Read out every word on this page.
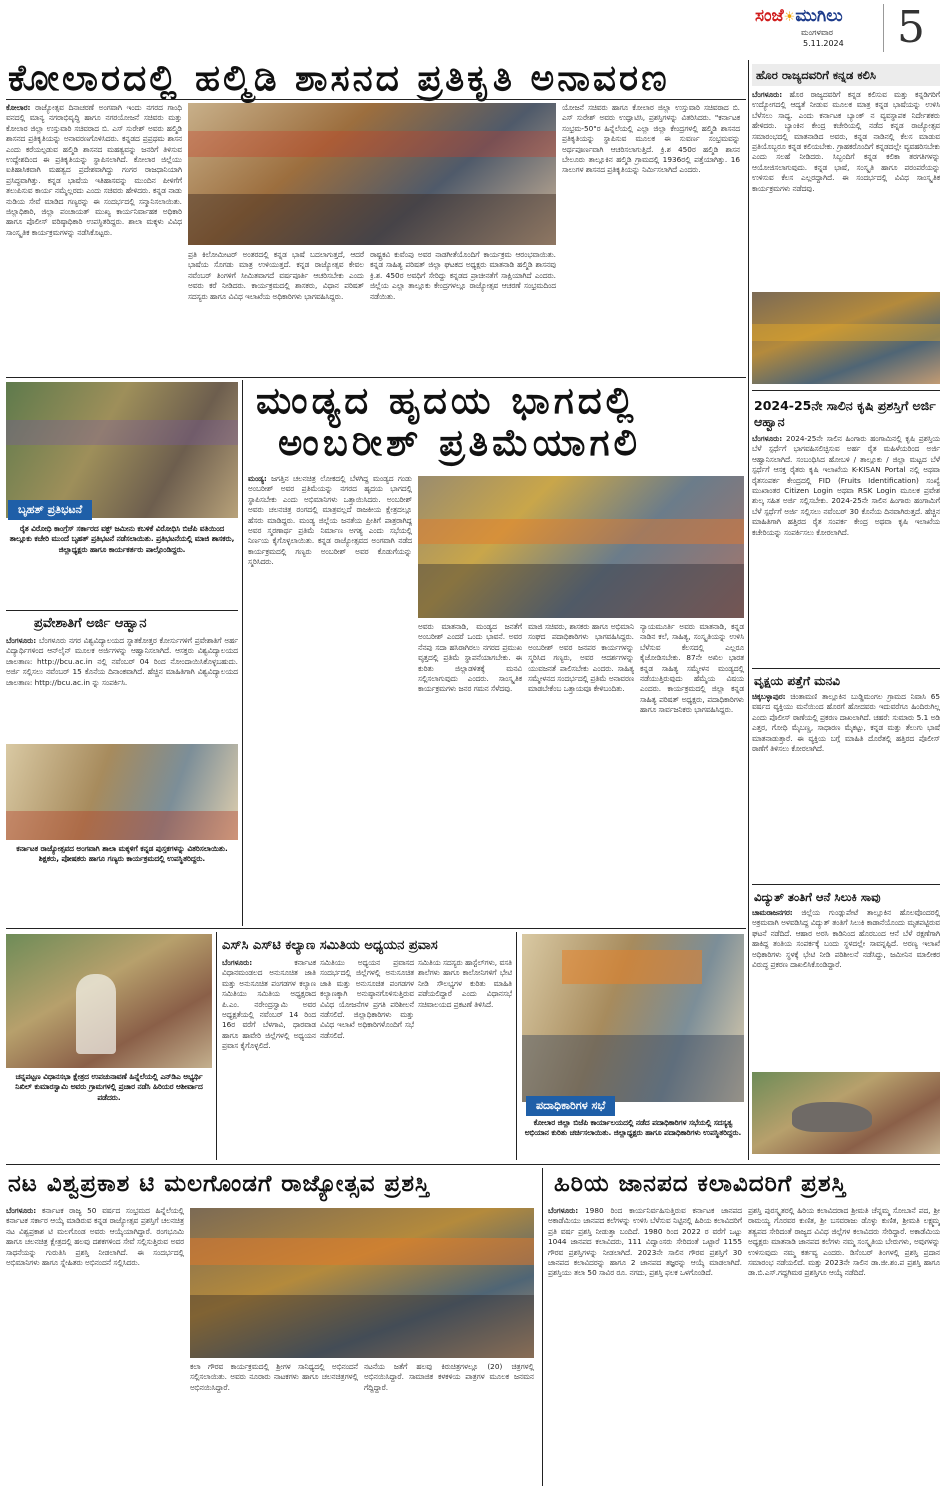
ಸಂಜೆ☀ಮುಗಿಲು
ಮಂಗಳವಾರ
5.11.2024 5
ಕೋಲಾರದಲ್ಲಿ ಹಲ್ಮಿಡಿ ಶಾಸನದ ಪ್ರತಿಕೃತಿ ಅನಾವರಣ
ಕೋಲಾರ: ರಾಜ್ಯೋತ್ಸವ ದಿನಾಚರಣೆ ಅಂಗವಾಗಿ ಇಂದು ನಗರದ ಗಾಂಧಿ ವನದಲ್ಲಿ ಮಾನ್ಯ ನಗರಾಭಿವೃದ್ಧಿ ಹಾಗೂ ನಗರಯೋಜನೆ ಸಚಿವರು ಮತ್ತು ಕೋಲಾರ ಜಿಲ್ಲಾ ಉಸ್ತುವಾರಿ ಸಚಿವರಾದ ಬಿ. ಎಸ್ ಸುರೇಶ್ ಅವರು ಹಲ್ಮಿಡಿ ಶಾಸನದ ಪ್ರತಿಕೃತಿಯನ್ನು ಅನಾವರಣಗೊಳಿಸಿದರು. ಕನ್ನಡದ ಪ್ರಪ್ರಥಮ ಶಾಸನ ಎಂದು ಕರೆಯಲ್ಪಡುವ ಹಲ್ಮಿಡಿ ಶಾಸನದ ಮಹತ್ವವನ್ನು ಜನರಿಗೆ ತಿಳಿಸುವ ಉದ್ದೇಶದಿಂದ ಈ ಪ್ರತಿಕೃತಿಯನ್ನು ಸ್ಥಾಪಿಸಲಾಗಿದೆ. ಕೋಲಾರ ಜಿಲ್ಲೆಯು ಐತಿಹಾಸಿಕವಾಗಿ ಮಹತ್ವದ ಪ್ರದೇಶವಾಗಿದ್ದು ಗಂಗರ ರಾಜಧಾನಿಯಾಗಿ ಪ್ರಸಿದ್ಧವಾಗಿತ್ತು. ಕನ್ನಡ ಭಾಷೆಯ ಇತಿಹಾಸವನ್ನು ಮುಂದಿನ ಪೀಳಿಗೆಗೆ ತಲುಪಿಸುವ ಕಾರ್ಯ ನಮ್ಮೆಲ್ಲರದು ಎಂದು ಸಚಿವರು ಹೇಳಿದರು. ಕನ್ನಡ ನಾಡು ನುಡಿಯ ಸೇವೆ ಮಾಡಿದ ಗಣ್ಯರನ್ನು ಈ ಸಂದರ್ಭದಲ್ಲಿ ಸನ್ಮಾನಿಸಲಾಯಿತು. ಜಿಲ್ಲಾಧಿಕಾರಿ, ಜಿಲ್ಲಾ ಪಂಚಾಯತ್ ಮುಖ್ಯ ಕಾರ್ಯನಿರ್ವಾಹಕ ಅಧಿಕಾರಿ ಹಾಗೂ ಪೊಲೀಸ್ ವರಿಷ್ಠಾಧಿಕಾರಿ ಉಪಸ್ಥಿತರಿದ್ದರು. ಶಾಲಾ ಮಕ್ಕಳು ವಿವಿಧ ಸಾಂಸ್ಕೃತಿಕ ಕಾರ್ಯಕ್ರಮಗಳನ್ನು ನಡೆಸಿಕೊಟ್ಟರು.
ಪ್ರತಿ ಕಿಲೋಮೀಟರ್ ಅಂತರದಲ್ಲಿ ಕನ್ನಡ ಭಾಷೆ ಬದಲಾಗುತ್ತದೆ, ಆದರೆ ಭಾಷೆಯ ಸೊಗಡು ಮಾತ್ರ ಉಳಿಯುತ್ತದೆ. ಕನ್ನಡ ರಾಜ್ಯೋತ್ಸವ ಕೇವಲ ನವೆಂಬರ್ ತಿಂಗಳಿಗೆ ಸೀಮಿತವಾಗದೆ ವರ್ಷಪೂರ್ತಿ ಆಚರಿಸಬೇಕು ಎಂದು ಅವರು ಕರೆ ನೀಡಿದರು. ಕಾರ್ಯಕ್ರಮದಲ್ಲಿ ಶಾಸಕರು, ವಿಧಾನ ಪರಿಷತ್ ಸದಸ್ಯರು ಹಾಗೂ ವಿವಿಧ ಇಲಾಖೆಯ ಅಧಿಕಾರಿಗಳು ಭಾಗವಹಿಸಿದ್ದರು.
ರಾಷ್ಟ್ರಕವಿ ಕುವೆಂಪು ಅವರ ನಾಡಗೀತೆಯೊಂದಿಗೆ ಕಾರ್ಯಕ್ರಮ ಆರಂಭವಾಯಿತು. ಕನ್ನಡ ಸಾಹಿತ್ಯ ಪರಿಷತ್ ಜಿಲ್ಲಾ ಘಟಕದ ಅಧ್ಯಕ್ಷರು ಮಾತನಾಡಿ ಹಲ್ಮಿಡಿ ಶಾಸನವು ಕ್ರಿ.ಶ. 450ರ ಅವಧಿಗೆ ಸೇರಿದ್ದು ಕನ್ನಡದ ಪ್ರಾಚೀನತೆಗೆ ಸಾಕ್ಷಿಯಾಗಿದೆ ಎಂದರು. ಜಿಲ್ಲೆಯ ಎಲ್ಲಾ ತಾಲ್ಲೂಕು ಕೇಂದ್ರಗಳಲ್ಲೂ ರಾಜ್ಯೋತ್ಸವ ಆಚರಣೆ ಸಂಭ್ರಮದಿಂದ ನಡೆಯಿತು.
ಯೋಜನೆ ಸಚಿವರು ಹಾಗೂ ಕೋಲಾರ ಜಿಲ್ಲಾ ಉಸ್ತುವಾರಿ ಸಚಿವರಾದ ಬಿ. ಎಸ್ ಸುರೇಶ್ ಅವರು ಉದ್ಘಾಟಿಸಿ, ಪ್ರಶಸ್ತಿಗಳನ್ನು ವಿತರಿಸಿದರು. "ಕರ್ನಾಟಕ ಸಂಭ್ರಮ-50"ರ ಹಿನ್ನೆಲೆಯಲ್ಲಿ ಎಲ್ಲಾ ಜಿಲ್ಲಾ ಕೇಂದ್ರಗಳಲ್ಲಿ ಹಲ್ಮಿಡಿ ಶಾಸನದ ಪ್ರತಿಕೃತಿಯನ್ನು ಸ್ಥಾಪಿಸುವ ಮೂಲಕ ಈ ಸುವರ್ಣ ಸಂಭ್ರಮವನ್ನು ಅರ್ಥಪೂರ್ಣವಾಗಿ ಆಚರಿಸಲಾಗುತ್ತಿದೆ. ಕ್ರಿ.ಶ 450ರ ಹಲ್ಮಿಡಿ ಶಾಸನ ಬೇಲೂರು ತಾಲ್ಲೂಕಿನ ಹಲ್ಮಿಡಿ ಗ್ರಾಮದಲ್ಲಿ 1936ರಲ್ಲಿ ಪತ್ತೆಯಾಗಿತ್ತು. 16 ಸಾಲುಗಳ ಶಾಸನದ ಪ್ರತಿಕೃತಿಯನ್ನು ನಿರ್ಮಿಸಲಾಗಿದೆ ಎಂದರು.
ಹೊರ ರಾಜ್ಯದವರಿಗೆ ಕನ್ನಡ ಕಲಿಸಿ
ಬೆಂಗಳೂರು: ಹೊರ ರಾಜ್ಯದವರಿಗೆ ಕನ್ನಡ ಕಲಿಸುವ ಮತ್ತು ಕನ್ನಡಿಗರಿಗೆ ಉದ್ಯೋಗದಲ್ಲಿ ಆದ್ಯತೆ ನೀಡುವ ಮೂಲಕ ಮಾತ್ರ ಕನ್ನಡ ಭಾಷೆಯನ್ನು ಉಳಿಸಿ ಬೆಳೆಸಲು ಸಾಧ್ಯ. ಎಂದು ಕರ್ನಾಟಕ ಬ್ಯಾಂಕ್ ನ ವ್ಯವಸ್ಥಾಪಕ ನಿರ್ದೇಶಕರು ಹೇಳಿದರು. ಬ್ಯಾಂಕಿನ ಕೇಂದ್ರ ಕಚೇರಿಯಲ್ಲಿ ನಡೆದ ಕನ್ನಡ ರಾಜ್ಯೋತ್ಸವ ಸಮಾರಂಭದಲ್ಲಿ ಮಾತನಾಡಿದ ಅವರು, ಕನ್ನಡ ನಾಡಿನಲ್ಲಿ ಕೆಲಸ ಮಾಡುವ ಪ್ರತಿಯೊಬ್ಬರೂ ಕನ್ನಡ ಕಲಿಯಬೇಕು. ಗ್ರಾಹಕರೊಂದಿಗೆ ಕನ್ನಡದಲ್ಲೇ ವ್ಯವಹರಿಸಬೇಕು ಎಂದು ಸಲಹೆ ನೀಡಿದರು. ಸಿಬ್ಬಂದಿಗೆ ಕನ್ನಡ ಕಲಿಕಾ ತರಗತಿಗಳನ್ನು ಆಯೋಜಿಸಲಾಗುವುದು. ಕನ್ನಡ ಭಾಷೆ, ಸಂಸ್ಕೃತಿ ಹಾಗೂ ಪರಂಪರೆಯನ್ನು ಉಳಿಸುವ ಕೆಲಸ ಎಲ್ಲರದ್ದಾಗಿದೆ. ಈ ಸಂದರ್ಭದಲ್ಲಿ ವಿವಿಧ ಸಾಂಸ್ಕೃತಿಕ ಕಾರ್ಯಕ್ರಮಗಳು ನಡೆದವು.
2024-25ನೇ ಸಾಲಿನ ಕೃಷಿ ಪ್ರಶಸ್ತಿಗೆ ಅರ್ಜಿ ಆಹ್ವಾನ
ಬೆಂಗಳೂರು: 2024-25ನೇ ಸಾಲಿನ ಹಿಂಗಾರು ಹಂಗಾಮಿನಲ್ಲಿ ಕೃಷಿ ಪ್ರಶಸ್ತಿಯ ಬೆಳೆ ಸ್ಪರ್ಧೆಗೆ ಭಾಗವಹಿಸಲಿಚ್ಛಿಸುವ ಅರ್ಹ ರೈತ ಮಹಿಳೆಯರಿಂದ ಅರ್ಜಿ ಆಹ್ವಾನಿಸಲಾಗಿದೆ. ಸಂಬಂಧಿಸಿದ ಹೋಬಳಿ / ತಾಲ್ಲೂಕು / ಜಿಲ್ಲಾ ಮಟ್ಟದ ಬೆಳೆ ಸ್ಪರ್ಧೆಗೆ ಆಸಕ್ತ ರೈತರು ಕೃಷಿ ಇಲಾಖೆಯ K-KISAN Portal ನಲ್ಲಿ ಅಥವಾ ರೈತಸಂಪರ್ಕ ಕೇಂದ್ರದಲ್ಲಿ FID (Fruits Identification) ಸಂಖ್ಯೆ ಮುಖಾಂತರ Citizen Login ಅಥವಾ RSK Login ಮೂಲಕ ಪ್ರವೇಶ ಶುಲ್ಕ ಸಹಿತ ಅರ್ಜಿ ಸಲ್ಲಿಸಬೇಕು. 2024-25ನೇ ಸಾಲಿನ ಹಿಂಗಾರು ಹಂಗಾಮಿಗೆ ಬೆಳೆ ಸ್ಪರ್ಧೆಗೆ ಅರ್ಜಿ ಸಲ್ಲಿಸಲು ನವೆಂಬರ್ 30 ಕೊನೆಯ ದಿನವಾಗಿರುತ್ತದೆ. ಹೆಚ್ಚಿನ ಮಾಹಿತಿಗಾಗಿ ಹತ್ತಿರದ ರೈತ ಸಂಪರ್ಕ ಕೇಂದ್ರ ಅಥವಾ ಕೃಷಿ ಇಲಾಖೆಯ ಕಚೇರಿಯನ್ನು ಸಂಪರ್ಕಿಸಲು ಕೋರಲಾಗಿದೆ.
ವೃಕ್ಷಯ ಪತ್ತೆಗೆ ಮನವಿ
ಚಿಕ್ಕಬಳ್ಳಾಪುರ: ಚಿಂತಾಮಣಿ ತಾಲ್ಲೂಕಿನ ಬುಡ್ಡಿಮಂಗಲ ಗ್ರಾಮದ ನಿವಾಸಿ 65 ವರ್ಷದ ವ್ಯಕ್ತಿಯು ಮನೆಯಿಂದ ಹೊರಗೆ ಹೋದವರು ಇದುವರೆಗೂ ಹಿಂದಿರುಗಿಲ್ಲ ಎಂದು ಪೊಲೀಸ್ ಠಾಣೆಯಲ್ಲಿ ಪ್ರಕರಣ ದಾಖಲಾಗಿದೆ. ಚಹರೆ: ಸುಮಾರು 5.1 ಅಡಿ ಎತ್ತರ, ಗೋಧಿ ಮೈಬಣ್ಣ, ಸಾಧಾರಣ ಮೈಕಟ್ಟು, ಕನ್ನಡ ಮತ್ತು ತೆಲುಗು ಭಾಷೆ ಮಾತನಾಡುತ್ತಾರೆ. ಈ ವ್ಯಕ್ತಿಯ ಬಗ್ಗೆ ಮಾಹಿತಿ ದೊರೆತಲ್ಲಿ ಹತ್ತಿರದ ಪೊಲೀಸ್ ಠಾಣೆಗೆ ತಿಳಿಸಲು ಕೋರಲಾಗಿದೆ.
ವಿದ್ಯುತ್ ತಂತಿಗೆ ಆನೆ ಸಿಲುಕಿ ಸಾವು
ಚಾಮರಾಜನಗರ: ಜಿಲ್ಲೆಯ ಗುಂಡ್ಲುಪೇಟೆ ತಾಲ್ಲೂಕಿನ ಹೊಲವೊಂದರಲ್ಲಿ ಅಕ್ರಮವಾಗಿ ಅಳವಡಿಸಿದ್ದ ವಿದ್ಯುತ್ ತಂತಿಗೆ ಸಿಲುಕಿ ಕಾಡಾನೆಯೊಂದು ಮೃತಪಟ್ಟಿರುವ ಘಟನೆ ನಡೆದಿದೆ. ಆಹಾರ ಅರಸಿ ಕಾಡಿನಿಂದ ಹೊರಬಂದ ಆನೆ ಬೆಳೆ ರಕ್ಷಣೆಗಾಗಿ ಹಾಕಿದ್ದ ತಂತಿಯ ಸಂಪರ್ಕಕ್ಕೆ ಬಂದು ಸ್ಥಳದಲ್ಲೇ ಸಾವನ್ನಪ್ಪಿದೆ. ಅರಣ್ಯ ಇಲಾಖೆ ಅಧಿಕಾರಿಗಳು ಸ್ಥಳಕ್ಕೆ ಭೇಟಿ ನೀಡಿ ಪರಿಶೀಲನೆ ನಡೆಸಿದ್ದು, ಜಮೀನಿನ ಮಾಲೀಕರ ವಿರುದ್ಧ ಪ್ರಕರಣ ದಾಖಲಿಸಿಕೊಂಡಿದ್ದಾರೆ.
ಬೃಹತ್ ಪ್ರತಿಭಟನೆ
ರೈತ ವಿರೋಧಿ ಕಾಂಗ್ರೆಸ್ ಸರ್ಕಾರದ ವಕ್ಫ್ ಜಮೀನು ಕಬಳಿಕೆ ವಿರೋಧಿಸಿ ಬಿಜೆಪಿ ವತಿಯಿಂದ ತಾಲ್ಲೂಕು ಕಚೇರಿ ಮುಂದೆ ಬೃಹತ್ ಪ್ರತಿಭಟನೆ ನಡೆಸಲಾಯಿತು. ಪ್ರತಿಭಟನೆಯಲ್ಲಿ ಮಾಜಿ ಶಾಸಕರು, ಜಿಲ್ಲಾಧ್ಯಕ್ಷರು ಹಾಗೂ ಕಾರ್ಯಕರ್ತರು ಪಾಲ್ಗೊಂಡಿದ್ದರು.
ಪ್ರವೇಶಾತಿಗೆ ಅರ್ಜಿ ಆಹ್ವಾನ
ಬೆಂಗಳೂರು: ಬೆಂಗಳೂರು ನಗರ ವಿಶ್ವವಿದ್ಯಾಲಯದ ಸ್ನಾತಕೋತ್ತರ ಕೋರ್ಸುಗಳಿಗೆ ಪ್ರವೇಶಾತಿಗೆ ಅರ್ಹ ವಿದ್ಯಾರ್ಥಿಗಳಿಂದ ಆನ್‌ಲೈನ್ ಮೂಲಕ ಅರ್ಜಿಗಳನ್ನು ಆಹ್ವಾನಿಸಲಾಗಿದೆ. ಆಸಕ್ತರು ವಿಶ್ವವಿದ್ಯಾಲಯದ ಜಾಲತಾಣ: http://bcu.ac.in ನಲ್ಲಿ ನವೆಂಬರ್ 04 ರಿಂದ ನೋಂದಾಯಿಸಿಕೊಳ್ಳಬಹುದು. ಅರ್ಜಿ ಸಲ್ಲಿಸಲು ನವೆಂಬರ್ 15 ಕೊನೆಯ ದಿನಾಂಕವಾಗಿದೆ. ಹೆಚ್ಚಿನ ಮಾಹಿತಿಗಾಗಿ ವಿಶ್ವವಿದ್ಯಾಲಯದ ಜಾಲತಾಣ: http://bcu.ac.in ನ್ನು ಸಂಪರ್ಕಿಸಿ.
ಕರ್ನಾಟಕ ರಾಜ್ಯೋತ್ಸವದ ಅಂಗವಾಗಿ ಶಾಲಾ ಮಕ್ಕಳಿಗೆ ಕನ್ನಡ ಪುಸ್ತಕಗಳನ್ನು ವಿತರಿಸಲಾಯಿತು. ಶಿಕ್ಷಕರು, ಪೋಷಕರು ಹಾಗೂ ಗಣ್ಯರು ಕಾರ್ಯಕ್ರಮದಲ್ಲಿ ಉಪಸ್ಥಿತರಿದ್ದರು.
ಮಂಡ್ಯದ ಹೃದಯ ಭಾಗದಲ್ಲಿ
ಅಂಬರೀಶ್ ಪ್ರತಿಮೆಯಾಗಲಿ
ಮಂಡ್ಯ: ಜಗತ್ತಿನ ಚಲನಚಿತ್ರ ಲೋಕದಲ್ಲಿ ಬೆಳಗಿದ್ದ ಮಂಡ್ಯದ ಗಂಡು ಅಂಬರೀಶ್ ಅವರ ಪ್ರತಿಮೆಯನ್ನು ನಗರದ ಹೃದಯ ಭಾಗದಲ್ಲಿ ಸ್ಥಾಪಿಸಬೇಕು ಎಂದು ಅಭಿಮಾನಿಗಳು ಒತ್ತಾಯಿಸಿದರು. ಅಂಬರೀಶ್ ಅವರು ಚಲನಚಿತ್ರ ರಂಗದಲ್ಲಿ ಮಾತ್ರವಲ್ಲದೆ ರಾಜಕೀಯ ಕ್ಷೇತ್ರದಲ್ಲೂ ಹೆಸರು ಮಾಡಿದ್ದರು. ಮಂಡ್ಯ ಜಿಲ್ಲೆಯ ಜನತೆಯ ಪ್ರೀತಿಗೆ ಪಾತ್ರರಾಗಿದ್ದ ಅವರ ಸ್ಮರಣಾರ್ಥ ಪ್ರತಿಮೆ ನಿರ್ಮಾಣ ಅಗತ್ಯ ಎಂದು ಸಭೆಯಲ್ಲಿ ನಿರ್ಣಯ ಕೈಗೊಳ್ಳಲಾಯಿತು. ಕನ್ನಡ ರಾಜ್ಯೋತ್ಸವದ ಅಂಗವಾಗಿ ನಡೆದ ಕಾರ್ಯಕ್ರಮದಲ್ಲಿ ಗಣ್ಯರು ಅಂಬರೀಶ್ ಅವರ ಕೊಡುಗೆಯನ್ನು ಸ್ಮರಿಸಿದರು.
ಅವರು ಮಾತನಾಡಿ, ಮಂಡ್ಯದ ಜನತೆಗೆ ಅಂಬರೀಶ್ ಎಂದರೆ ಒಂದು ಭಾವನೆ. ಅವರ ನೆನಪು ಸದಾ ಹಸಿರಾಗಿರಲು ನಗರದ ಪ್ರಮುಖ ವೃತ್ತದಲ್ಲಿ ಪ್ರತಿಮೆ ಸ್ಥಾಪನೆಯಾಗಬೇಕು. ಈ ಕುರಿತು ಜಿಲ್ಲಾಡಳಿತಕ್ಕೆ ಮನವಿ ಸಲ್ಲಿಸಲಾಗುವುದು ಎಂದರು. ಸಾಂಸ್ಕೃತಿಕ ಕಾರ್ಯಕ್ರಮಗಳು ಜನರ ಗಮನ ಸೆಳೆದವು.
ಮಾಜಿ ಸಚಿವರು, ಶಾಸಕರು ಹಾಗೂ ಅಭಿಮಾನಿ ಸಂಘದ ಪದಾಧಿಕಾರಿಗಳು ಭಾಗವಹಿಸಿದ್ದರು. ಅಂಬರೀಶ್ ಅವರ ಜನಪರ ಕಾರ್ಯಗಳನ್ನು ಸ್ಮರಿಸಿದ ಗಣ್ಯರು, ಅವರ ಆದರ್ಶಗಳನ್ನು ಯುವಜನತೆ ಪಾಲಿಸಬೇಕು ಎಂದರು. ಸಾಹಿತ್ಯ ಸಮ್ಮೇಳನದ ಸಂದರ್ಭದಲ್ಲಿ ಪ್ರತಿಮೆ ಅನಾವರಣ ಮಾಡಬೇಕೆಂಬ ಒತ್ತಾಯವೂ ಕೇಳಿಬಂದಿತು.
ನ್ಯಾಯಮೂರ್ತಿ ಅವರು ಮಾತನಾಡಿ, ಕನ್ನಡ ನಾಡಿನ ಕಲೆ, ಸಾಹಿತ್ಯ, ಸಂಸ್ಕೃತಿಯನ್ನು ಉಳಿಸಿ ಬೆಳೆಸುವ ಕೆಲಸದಲ್ಲಿ ಎಲ್ಲರೂ ಕೈಜೋಡಿಸಬೇಕು. 87ನೇ ಅಖಿಲ ಭಾರತ ಕನ್ನಡ ಸಾಹಿತ್ಯ ಸಮ್ಮೇಳನ ಮಂಡ್ಯದಲ್ಲಿ ನಡೆಯುತ್ತಿರುವುದು ಹೆಮ್ಮೆಯ ವಿಷಯ ಎಂದರು. ಕಾರ್ಯಕ್ರಮದಲ್ಲಿ ಜಿಲ್ಲಾ ಕನ್ನಡ ಸಾಹಿತ್ಯ ಪರಿಷತ್ ಅಧ್ಯಕ್ಷರು, ಪದಾಧಿಕಾರಿಗಳು ಹಾಗೂ ಸಾರ್ವಜನಿಕರು ಭಾಗವಹಿಸಿದ್ದರು.
ಚನ್ನಪಟ್ಟಣ ವಿಧಾನಸಭಾ ಕ್ಷೇತ್ರದ ಉಪಚುನಾವಣೆ ಹಿನ್ನೆಲೆಯಲ್ಲಿ ಎನ್‌ಡಿಎ ಅಭ್ಯರ್ಥಿ ನಿಖಿಲ್ ಕುಮಾರಸ್ವಾಮಿ ಅವರು ಗ್ರಾಮಗಳಲ್ಲಿ ಪ್ರಚಾರ ನಡೆಸಿ ಹಿರಿಯರ ಆಶೀರ್ವಾದ ಪಡೆದರು.
ಎಸ್‌ಸಿ ಎಸ್‌ಟಿ ಕಲ್ಯಾಣ ಸಮಿತಿಯ ಅಧ್ಯಯನ ಪ್ರವಾಸ
ಬೆಂಗಳೂರು:	ಕರ್ನಾಟಕ ವಿಧಾನಮಂಡಲದ ಅನುಸೂಚಿತ ಜಾತಿ ಮತ್ತು ಅನುಸೂಚಿತ ಪಂಗಡಗಳ ಕಲ್ಯಾಣ ಸಮಿತಿಯು ಸಮಿತಿಯ ಅಧ್ಯಕ್ಷರಾದ ಪಿ.ಎಂ. ನರೇಂದ್ರಸ್ವಾಮಿ ಅವರ ಅಧ್ಯಕ್ಷತೆಯಲ್ಲಿ ನವೆಂಬರ್ 14 ರಿಂದ 16ರ ವರೆಗೆ ಬೆಳಗಾವಿ, ಧಾರವಾಡ ಹಾಗೂ ಹಾವೇರಿ ಜಿಲ್ಲೆಗಳಲ್ಲಿ ಅಧ್ಯಯನ ಪ್ರವಾಸ ಕೈಗೊಳ್ಳಲಿದೆ.
ಸಮಿತಿಯು ಅಧ್ಯಯನ ಪ್ರವಾಸದ ಸಂದರ್ಭದಲ್ಲಿ ಜಿಲ್ಲೆಗಳಲ್ಲಿ ಅನುಸೂಚಿತ ಜಾತಿ ಮತ್ತು ಅನುಸೂಚಿತ ಪಂಗಡಗಳ ಕಲ್ಯಾಣಕ್ಕಾಗಿ ಅನುಷ್ಠಾನಗೊಳಿಸುತ್ತಿರುವ ವಿವಿಧ ಯೋಜನೆಗಳ ಪ್ರಗತಿ ಪರಿಶೀಲನೆ ನಡೆಸಲಿದೆ. ಜಿಲ್ಲಾಧಿಕಾರಿಗಳು ಮತ್ತು ವಿವಿಧ ಇಲಾಖೆ ಅಧಿಕಾರಿಗಳೊಂದಿಗೆ ಸಭೆ ನಡೆಸಲಿದೆ.
ಸಮಿತಿಯ ಸದಸ್ಯರು ಹಾಸ್ಟೆಲ್‌ಗಳು, ವಸತಿ ಶಾಲೆಗಳು ಹಾಗೂ ಕಾಲೋನಿಗಳಿಗೆ ಭೇಟಿ ನೀಡಿ ಸೌಲಭ್ಯಗಳ ಕುರಿತು ಮಾಹಿತಿ ಪಡೆಯಲಿದ್ದಾರೆ ಎಂದು ವಿಧಾನಸಭೆ ಸಚಿವಾಲಯದ ಪ್ರಕಟಣೆ ತಿಳಿಸಿದೆ.
ಪದಾಧಿಕಾರಿಗಳ ಸಭೆ
ಕೋಲಾರ ಜಿಲ್ಲಾ ಬಿಜೆಪಿ ಕಾರ್ಯಾಲಯದಲ್ಲಿ ನಡೆದ ಪದಾಧಿಕಾರಿಗಳ ಸಭೆಯಲ್ಲಿ ಸದಸ್ಯತ್ವ ಅಭಿಯಾನ ಕುರಿತು ಚರ್ಚಿಸಲಾಯಿತು. ಜಿಲ್ಲಾಧ್ಯಕ್ಷರು ಹಾಗೂ ಪದಾಧಿಕಾರಿಗಳು ಉಪಸ್ಥಿತರಿದ್ದರು.
ನಟ ವಿಶ್ವಪ್ರಕಾಶ ಟಿ ಮಲಗೊಂಡಗೆ ರಾಜ್ಯೋತ್ಸವ ಪ್ರಶಸ್ತಿ
ಬೆಂಗಳೂರು: ಕರ್ನಾಟಕ ರಾಜ್ಯ 50 ವರ್ಷದ ಸಂಭ್ರಮದ ಹಿನ್ನೆಲೆಯಲ್ಲಿ ಕರ್ನಾಟಕ ಸರ್ಕಾರ ಆಯ್ಕೆ ಮಾಡಿರುವ ಕನ್ನಡ ರಾಜ್ಯೋತ್ಸವ ಪ್ರಶಸ್ತಿಗೆ ಚಲನಚಿತ್ರ ನಟ ವಿಶ್ವಪ್ರಕಾಶ ಟಿ ಮಲಗೊಂಡ ಅವರು ಆಯ್ಕೆಯಾಗಿದ್ದಾರೆ. ರಂಗಭೂಮಿ ಹಾಗೂ ಚಲನಚಿತ್ರ ಕ್ಷೇತ್ರದಲ್ಲಿ ಹಲವು ದಶಕಗಳಿಂದ ಸೇವೆ ಸಲ್ಲಿಸುತ್ತಿರುವ ಅವರ ಸಾಧನೆಯನ್ನು ಗುರುತಿಸಿ ಪ್ರಶಸ್ತಿ ನೀಡಲಾಗಿದೆ. ಈ ಸಂದರ್ಭದಲ್ಲಿ ಅಭಿಮಾನಿಗಳು ಹಾಗೂ ಸ್ನೇಹಿತರು ಅಭಿನಂದನೆ ಸಲ್ಲಿಸಿದರು.
ಕಲಾ ಗೌರವ ಕಾರ್ಯಕ್ರಮದಲ್ಲಿ ಶ್ರೀಗಳ ಸಾನಿಧ್ಯದಲ್ಲಿ ಅಭಿನಂದನೆ ಸಲ್ಲಿಸಲಾಯಿತು. ಅವರು ನೂರಾರು ನಾಟಕಗಳು ಹಾಗೂ ಚಲನಚಿತ್ರಗಳಲ್ಲಿ ಅಭಿನಯಿಸಿದ್ದಾರೆ.
ನಟನೆಯ ಜತೆಗೆ ಹಲವು ಕಿರುಚಿತ್ರಗಳಲ್ಲೂ (20) ಚಿತ್ರಗಳಲ್ಲಿ ಅಭಿನಯಿಸಿದ್ದಾರೆ. ಸಾಮಾಜಿಕ ಕಳಕಳಿಯ ಪಾತ್ರಗಳ ಮೂಲಕ ಜನಮನ ಗೆದ್ದಿದ್ದಾರೆ.
ಹಿರಿಯ ಜಾನಪದ ಕಲಾವಿದರಿಗೆ ಪ್ರಶಸ್ತಿ
ಬೆಂಗಳೂರು: 1980 ರಿಂದ ಕಾರ್ಯನಿರ್ವಹಿಸುತ್ತಿರುವ ಕರ್ನಾಟಕ ಜಾನಪದ ಅಕಾಡೆಮಿಯು ಜಾನಪದ ಕಲೆಗಳನ್ನು ಉಳಿಸಿ ಬೆಳೆಸುವ ನಿಟ್ಟಿನಲ್ಲಿ ಹಿರಿಯ ಕಲಾವಿದರಿಗೆ ಪ್ರತಿ ವರ್ಷ ಪ್ರಶಸ್ತಿ ನೀಡುತ್ತಾ ಬಂದಿದೆ. 1980 ರಿಂದ 2022 ರ ವರೆಗೆ ಒಟ್ಟು 1044 ಜಾನಪದ ಕಲಾವಿದರು, 111 ವಿದ್ವಾಂಸರು ಸೇರಿದಂತೆ ಒಟ್ಟಾರೆ 1155 ಗೌರವ ಪ್ರಶಸ್ತಿಗಳನ್ನು ನೀಡಲಾಗಿದೆ. 2023ನೇ ಸಾಲಿನ ಗೌರವ ಪ್ರಶಸ್ತಿಗೆ 30 ಜಾನಪದ ಕಲಾವಿದರನ್ನು ಹಾಗೂ 2 ಜಾನಪದ ತಜ್ಞರನ್ನು ಆಯ್ಕೆ ಮಾಡಲಾಗಿದೆ. ಪ್ರಶಸ್ತಿಯು ತಲಾ 50 ಸಾವಿರ ರೂ. ನಗದು, ಪ್ರಶಸ್ತಿ ಫಲಕ ಒಳಗೊಂಡಿದೆ.
ಪ್ರಶಸ್ತಿ ಪುರಸ್ಕೃತರಲ್ಲಿ ಹಿರಿಯ ಕಲಾವಿದರಾದ ಶ್ರೀಮತಿ ಚೆನ್ನಮ್ಮ ಸೋಬಾನೆ ಪದ, ಶ್ರೀ ರಾಮಯ್ಯ ಗೊರವರ ಕುಣಿತ, ಶ್ರೀ ಬಸವರಾಜು ಡೊಳ್ಳು ಕುಣಿತ, ಶ್ರೀಮತಿ ಲಕ್ಷ್ಮಮ್ಮ ತತ್ವಪದ ಸೇರಿದಂತೆ ರಾಜ್ಯದ ವಿವಿಧ ಜಿಲ್ಲೆಗಳ ಕಲಾವಿದರು ಸೇರಿದ್ದಾರೆ. ಅಕಾಡೆಮಿಯ ಅಧ್ಯಕ್ಷರು ಮಾತನಾಡಿ ಜಾನಪದ ಕಲೆಗಳು ನಮ್ಮ ಸಂಸ್ಕೃತಿಯ ಬೇರುಗಳು, ಅವುಗಳನ್ನು ಉಳಿಸುವುದು ನಮ್ಮ ಕರ್ತವ್ಯ ಎಂದರು. ಡಿಸೆಂಬರ್ ತಿಂಗಳಲ್ಲಿ ಪ್ರಶಸ್ತಿ ಪ್ರದಾನ ಸಮಾರಂಭ ನಡೆಯಲಿದೆ. ಮತ್ತು 2023ನೇ ಸಾಲಿನ ಡಾ.ಜೀ.ಶಂ.ಪ ಪ್ರಶಸ್ತಿ ಹಾಗೂ ಡಾ.ಬಿ.ಎಸ್.ಗದ್ದಗಿಮಠ ಪ್ರಶಸ್ತಿಗೂ ಆಯ್ಕೆ ನಡೆದಿದೆ.
